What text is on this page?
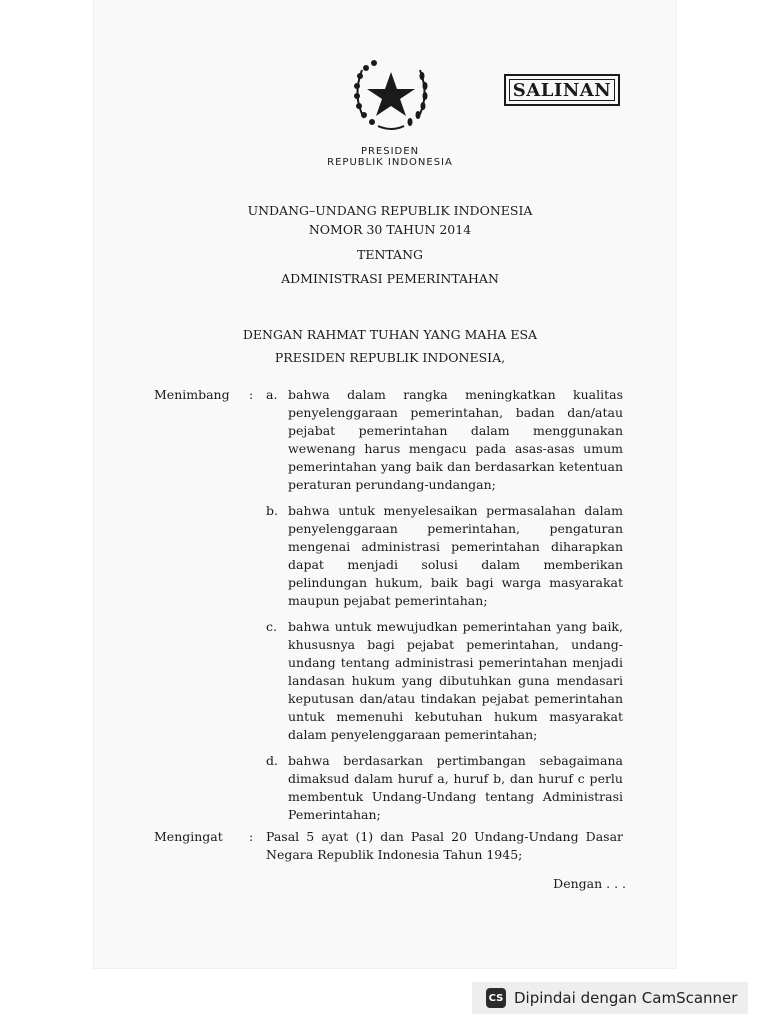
SALINAN
PRESIDEN
REPUBLIK INDONESIA
UNDANG–UNDANG REPUBLIK INDONESIA
NOMOR 30 TAHUN 2014
TENTANG
ADMINISTRASI PEMERINTAHAN
DENGAN RAHMAT TUHAN YANG MAHA ESA
PRESIDEN REPUBLIK INDONESIA,
Menimbang : a. bahwa dalam rangka meningkatkan kualitas penyelenggaraan pemerintahan, badan dan/atau pejabat pemerintahan dalam menggunakan wewenang harus mengacu pada asas-asas umum pemerintahan yang baik dan berdasarkan ketentuan peraturan perundang-undangan;
b. bahwa untuk menyelesaikan permasalahan dalam penyelenggaraan pemerintahan, pengaturan mengenai administrasi pemerintahan diharapkan dapat menjadi solusi dalam memberikan pelindungan hukum, baik bagi warga masyarakat maupun pejabat pemerintahan;
c. bahwa untuk mewujudkan pemerintahan yang baik, khususnya bagi pejabat pemerintahan, undang-undang tentang administrasi pemerintahan menjadi landasan hukum yang dibutuhkan guna mendasari keputusan dan/atau tindakan pejabat pemerintahan untuk memenuhi kebutuhan hukum masyarakat dalam penyelenggaraan pemerintahan;
d. bahwa berdasarkan pertimbangan sebagaimana dimaksud dalam huruf a, huruf b, dan huruf c perlu membentuk Undang-Undang tentang Administrasi Pemerintahan;
Mengingat : Pasal 5 ayat (1) dan Pasal 20 Undang-Undang Dasar Negara Republik Indonesia Tahun 1945;
Dengan . . .
CS Dipindai dengan CamScanner
